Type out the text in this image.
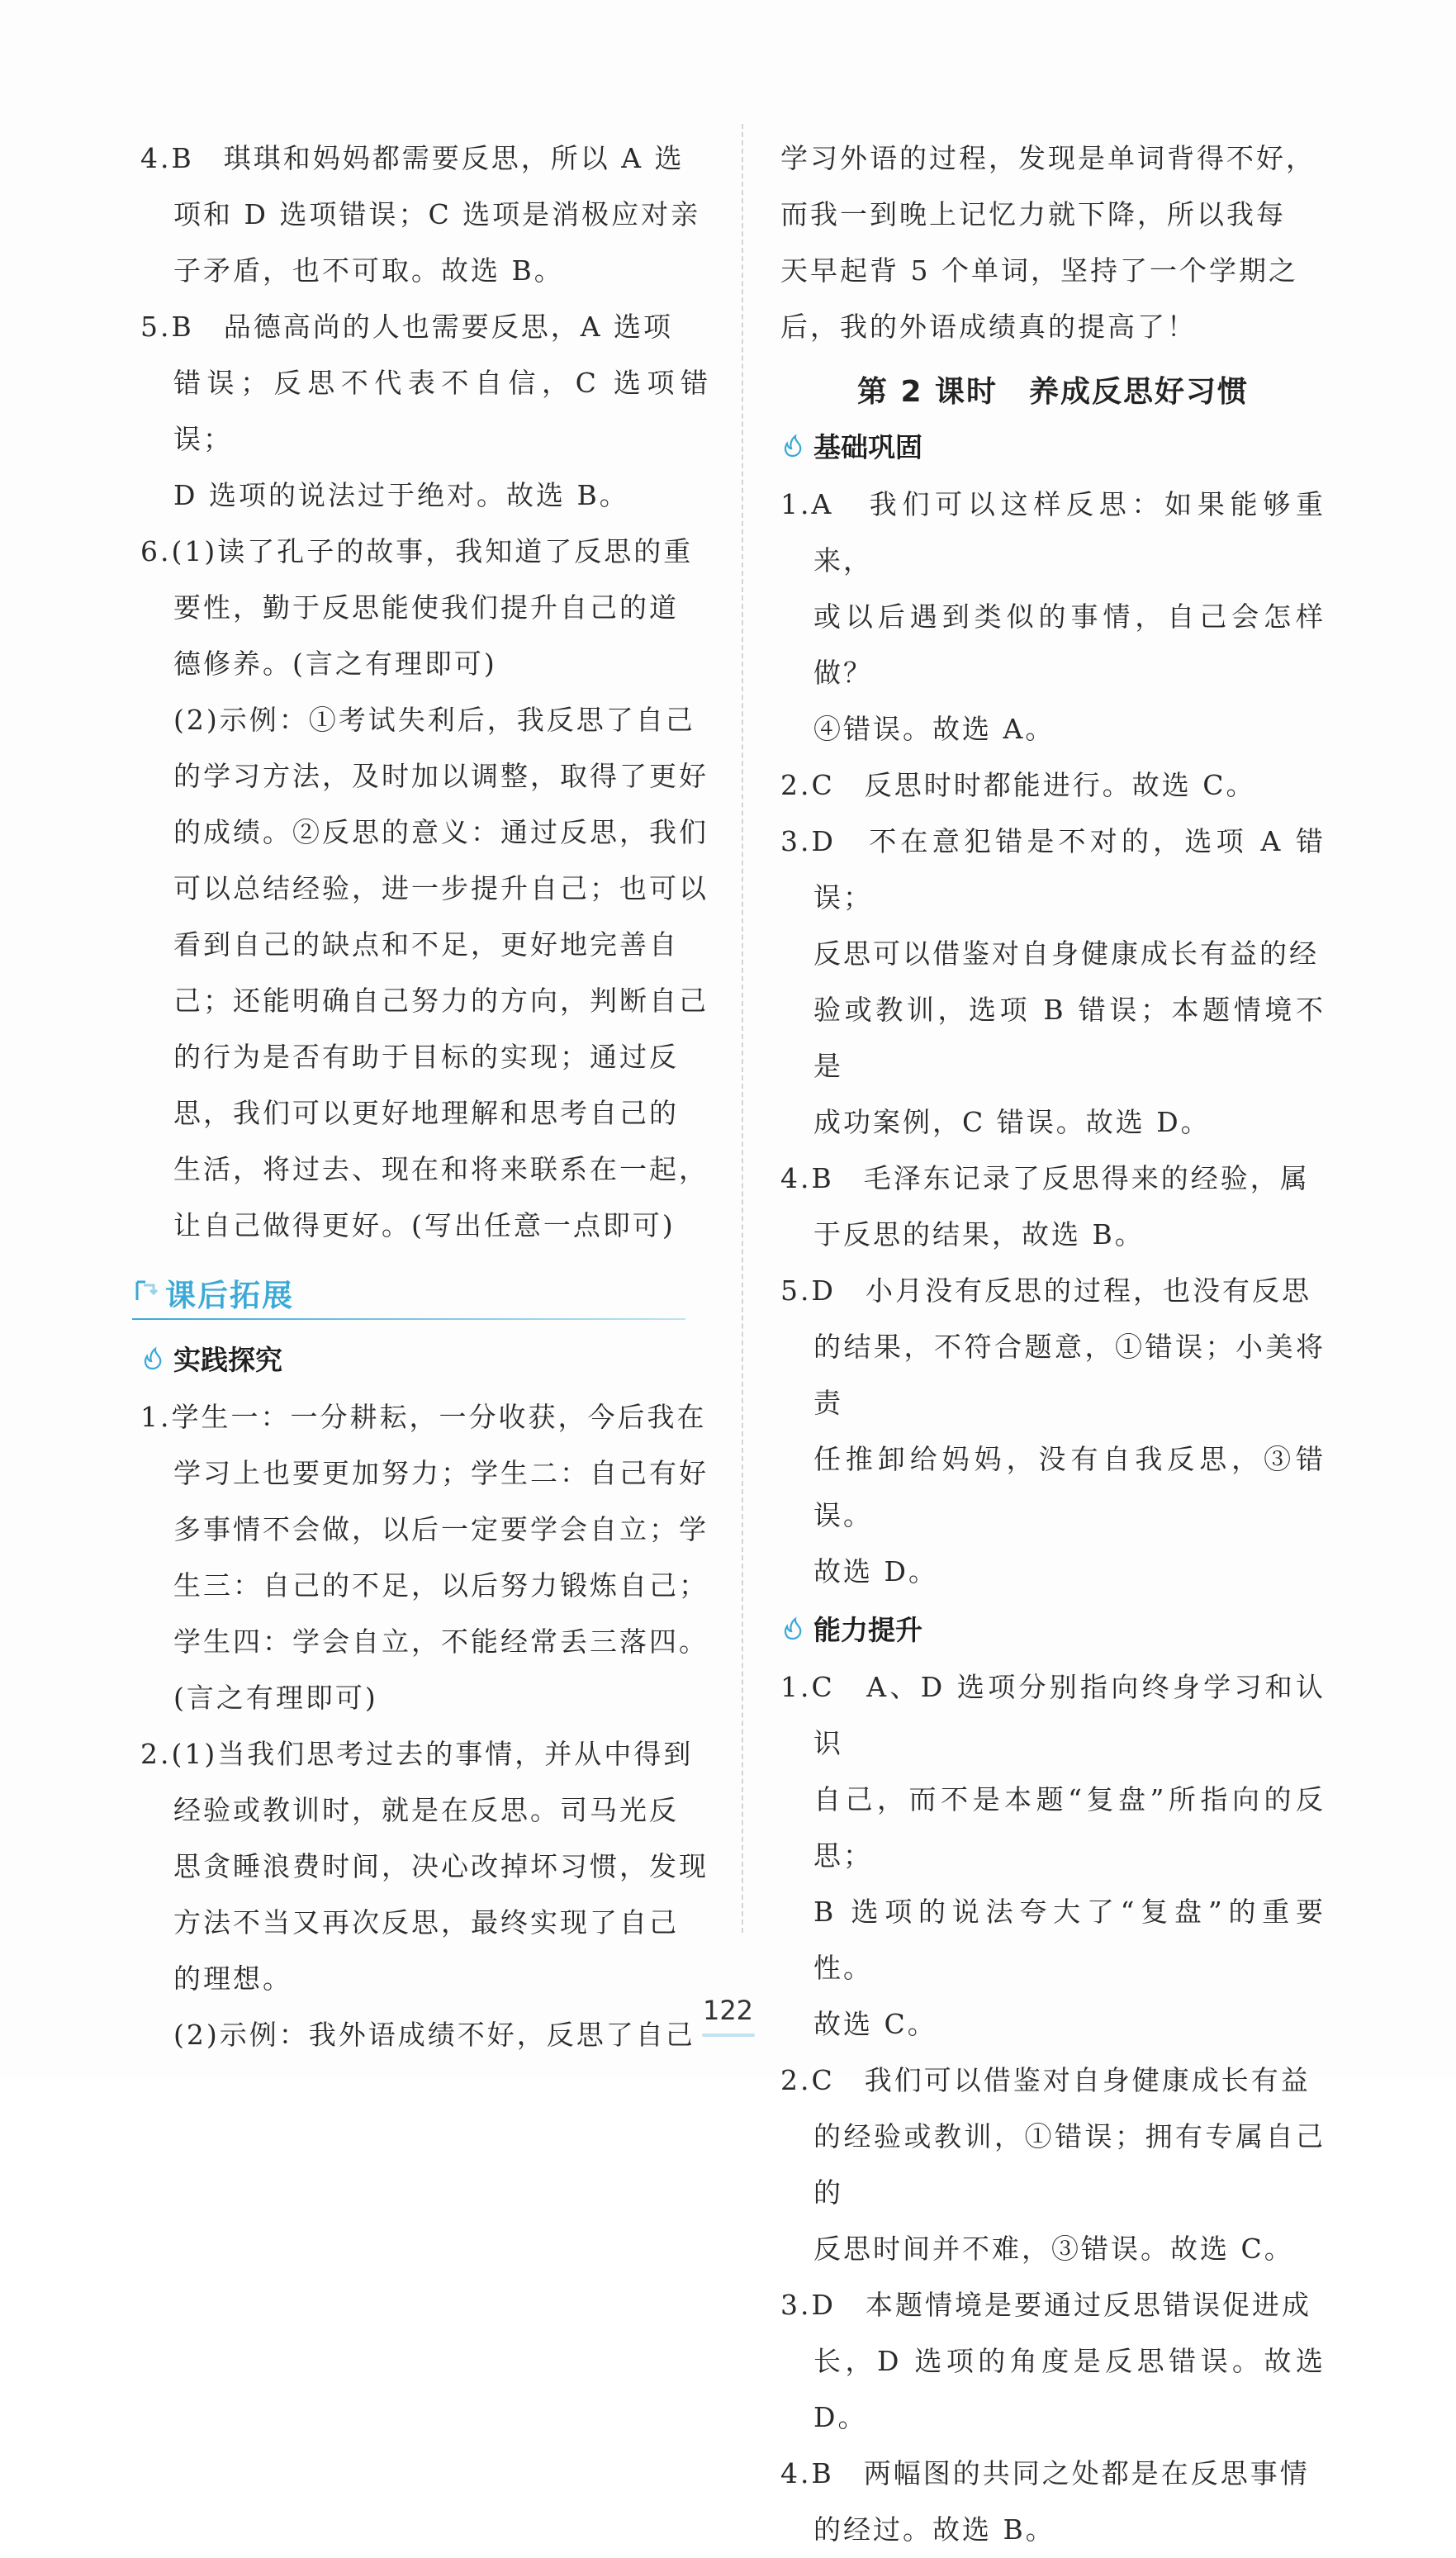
4.B　琪琪和妈妈都需要反思，所以 A 选

项和 D 选项错误；C 选项是消极应对亲

子矛盾，也不可取。故选 B。

5.B　品德高尚的人也需要反思，A 选项

错误；反思不代表不自信，C 选项错误；

D 选项的说法过于绝对。故选 B。

6.(1)读了孔子的故事，我知道了反思的重

要性，勤于反思能使我们提升自己的道

德修养。(言之有理即可)

(2)示例：①考试失利后，我反思了自己

的学习方法，及时加以调整，取得了更好

的成绩。②反思的意义：通过反思，我们

可以总结经验，进一步提升自己；也可以

看到自己的缺点和不足，更好地完善自

己；还能明确自己努力的方向，判断自己

的行为是否有助于目标的实现；通过反

思，我们可以更好地理解和思考自己的

生活，将过去、现在和将来联系在一起，

让自己做得更好。(写出任意一点即可)

课后拓展
实践探究

1.学生一：一分耕耘，一分收获，今后我在

学习上也要更加努力；学生二：自己有好

多事情不会做，以后一定要学会自立；学

生三：自己的不足，以后努力锻炼自己；

学生四：学会自立，不能经常丢三落四。

(言之有理即可)

2.(1)当我们思考过去的事情，并从中得到

经验或教训时，就是在反思。司马光反

思贪睡浪费时间，决心改掉坏习惯，发现

方法不当又再次反思，最终实现了自己

的理想。

(2)示例：我外语成绩不好，反思了自己

学习外语的过程，发现是单词背得不好，

而我一到晚上记忆力就下降，所以我每

天早起背 5 个单词，坚持了一个学期之

后，我的外语成绩真的提高了！

第 2 课时　养成反思好习惯
基础巩固

1.A　我们可以这样反思：如果能够重来，

或以后遇到类似的事情，自己会怎样做？

④错误。故选 A。

2.C　反思时时都能进行。故选 C。

3.D　不在意犯错是不对的，选项 A 错误；

反思可以借鉴对自身健康成长有益的经

验或教训，选项 B 错误；本题情境不是

成功案例，C 错误。故选 D。

4.B　毛泽东记录了反思得来的经验，属

于反思的结果，故选 B。

5.D　小月没有反思的过程，也没有反思

的结果，不符合题意，①错误；小美将责

任推卸给妈妈，没有自我反思，③错误。

故选 D。

能力提升

1.C　A、D 选项分别指向终身学习和认识

自己，而不是本题“复盘”所指向的反思；

B 选项的说法夸大了“复盘”的重要性。

故选 C。

2.C　我们可以借鉴对自身健康成长有益

的经验或教训，①错误；拥有专属自己的

反思时间并不难，③错误。故选 C。

3.D　本题情境是要通过反思错误促进成

长，D 选项的角度是反思错误。故选 D。

4.B　两幅图的共同之处都是在反思事情

的经过。故选 B。

122
